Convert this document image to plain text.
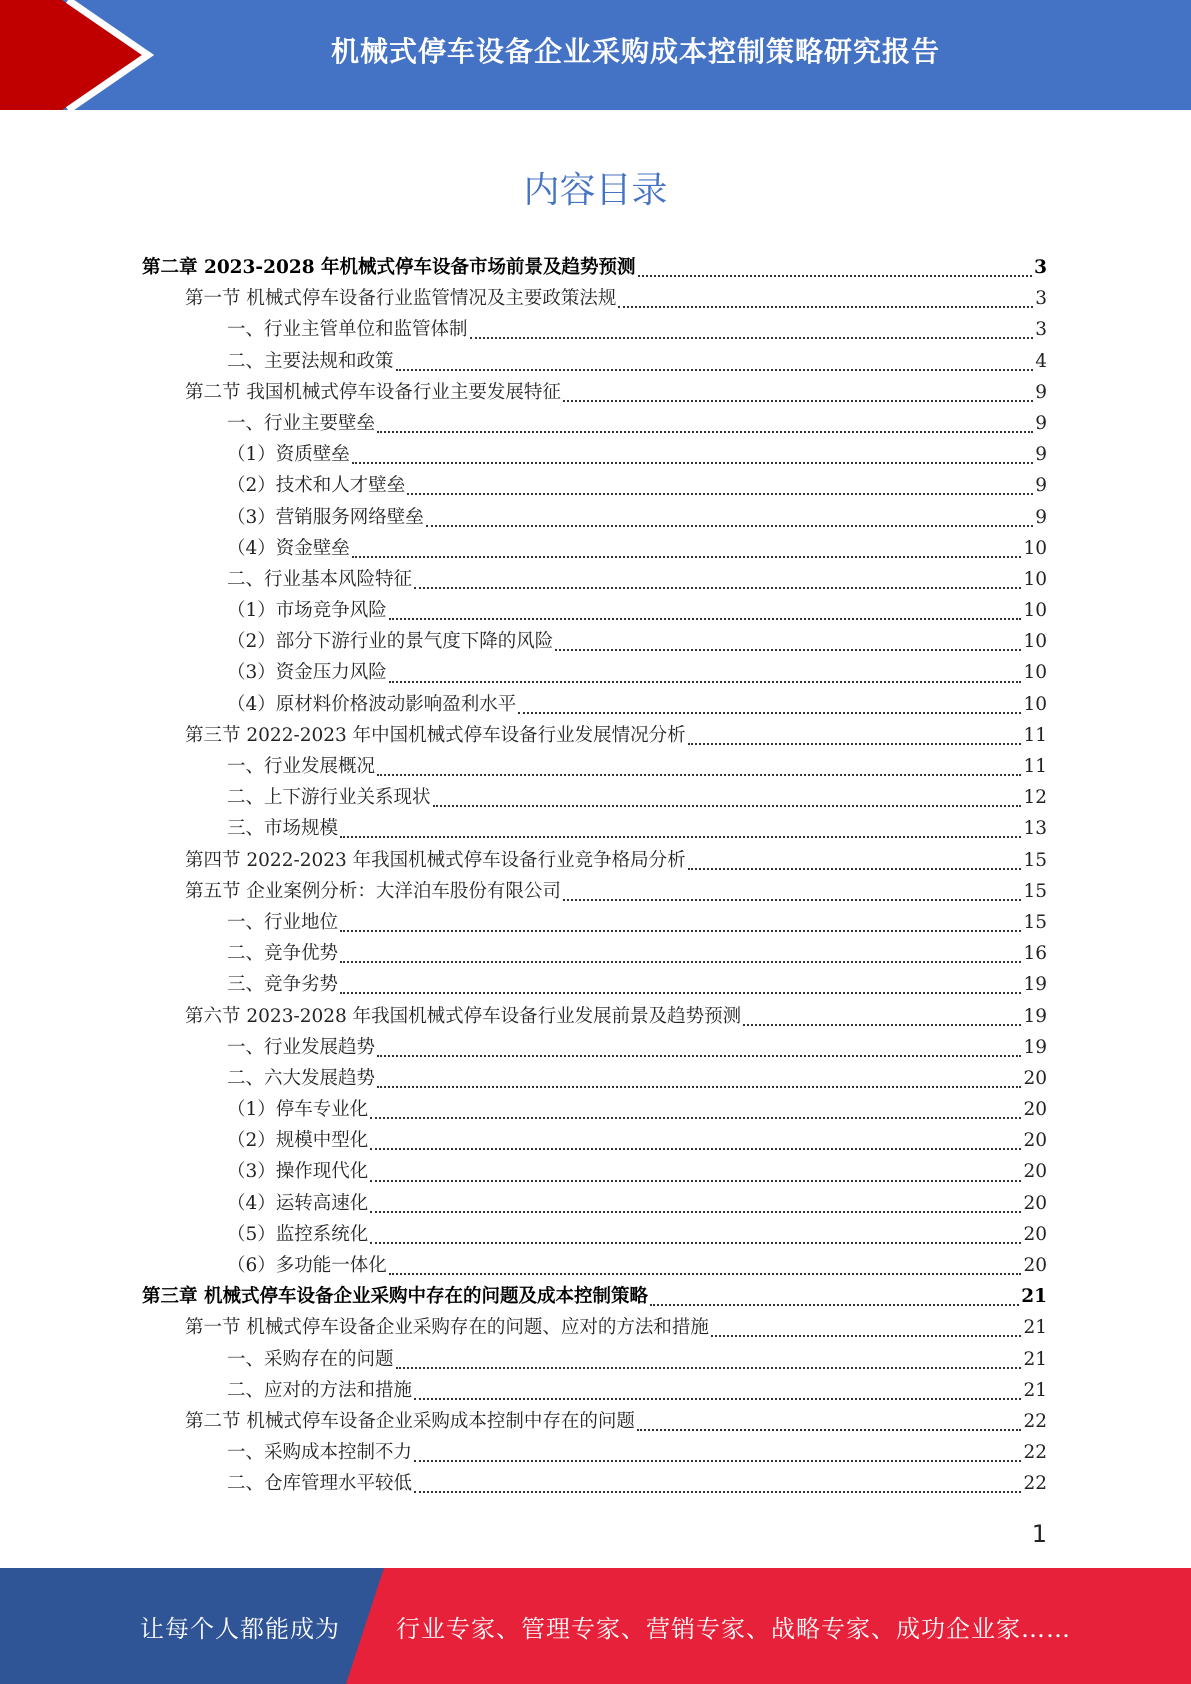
机械式停车设备企业采购成本控制策略研究报告
内容目录
第二章 2023-2028 年机械式停车设备市场前景及趋势预测	3
第一节 机械式停车设备行业监管情况及主要政策法规	3
一、行业主管单位和监管体制	3
二、主要法规和政策	4
第二节 我国机械式停车设备行业主要发展特征	9
一、行业主要壁垒	9
（1）资质壁垒	9
（2）技术和人才壁垒	9
（3）营销服务网络壁垒	9
（4）资金壁垒	10
二、行业基本风险特征	10
（1）市场竞争风险	10
（2）部分下游行业的景气度下降的风险	10
（3）资金压力风险	10
（4）原材料价格波动影响盈利水平	10
第三节 2022-2023 年中国机械式停车设备行业发展情况分析	11
一、行业发展概况	11
二、上下游行业关系现状	12
三、市场规模	13
第四节 2022-2023 年我国机械式停车设备行业竞争格局分析	15
第五节 企业案例分析：大洋泊车股份有限公司	15
一、行业地位	15
二、竞争优势	16
三、竞争劣势	19
第六节 2023-2028 年我国机械式停车设备行业发展前景及趋势预测	19
一、行业发展趋势	19
二、六大发展趋势	20
（1）停车专业化	20
（2）规模中型化	20
（3）操作现代化	20
（4）运转高速化	20
（5）监控系统化	20
（6）多功能一体化	20
第三章 机械式停车设备企业采购中存在的问题及成本控制策略	21
第一节 机械式停车设备企业采购存在的问题、应对的方法和措施	21
一、采购存在的问题	21
二、应对的方法和措施	21
第二节 机械式停车设备企业采购成本控制中存在的问题	22
一、采购成本控制不力	22
二、仓库管理水平较低	22
1
让每个人都能成为 行业专家、管理专家、营销专家、战略专家、成功企业家……
